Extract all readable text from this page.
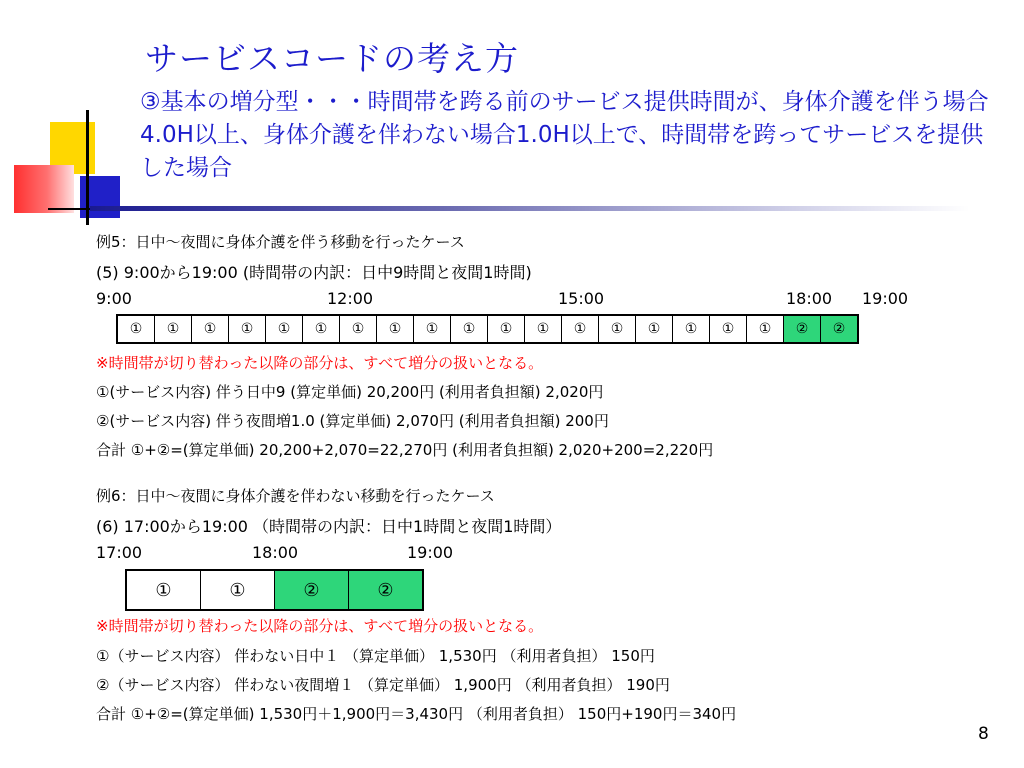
サービスコードの考え方

③基本の増分型・・・時間帯を跨る前のサービス提供時間が、身体介護を伴う場合4.0H以上、身体介護を伴わない場合1.0H以上で、時間帯を跨ってサービスを提供した場合

例5：日中～夜間に身体介護を伴う移動を行ったケース
(5) 9:00から19:00 (時間帯の内訳：日中9時間と夜間1時間)
9:00	12:00	15:00	18:00 19:00
①	①	①	①	①	①	①	①	①	①	①	①	①	①	①	①	①	①	②	②
※時間帯が切り替わった以降の部分は、すべて増分の扱いとなる。
①(サービス内容) 伴う日中9 (算定単価) 20,200円 (利用者負担額) 2,020円
②(サービス内容) 伴う夜間増1.0 (算定単価) 2,070円 (利用者負担額) 200円
合計 ①+②=(算定単価) 20,200+2,070=22,270円 (利用者負担額) 2,020+200=2,220円
例6：日中～夜間に身体介護を伴わない移動を行ったケース
(6) 17:00から19:00 （時間帯の内訳：日中1時間と夜間1時間）
17:00	18:00	19:00
①	①	②	②
※時間帯が切り替わった以降の部分は、すべて増分の扱いとなる。
①（サービス内容） 伴わない日中１ （算定単価） 1,530円 （利用者負担） 150円
②（サービス内容） 伴わない夜間増１ （算定単価） 1,900円 （利用者負担） 190円
合計 ①+②=(算定単価) 1,530円＋1,900円＝3,430円 （利用者負担） 150円+190円＝340円
8
